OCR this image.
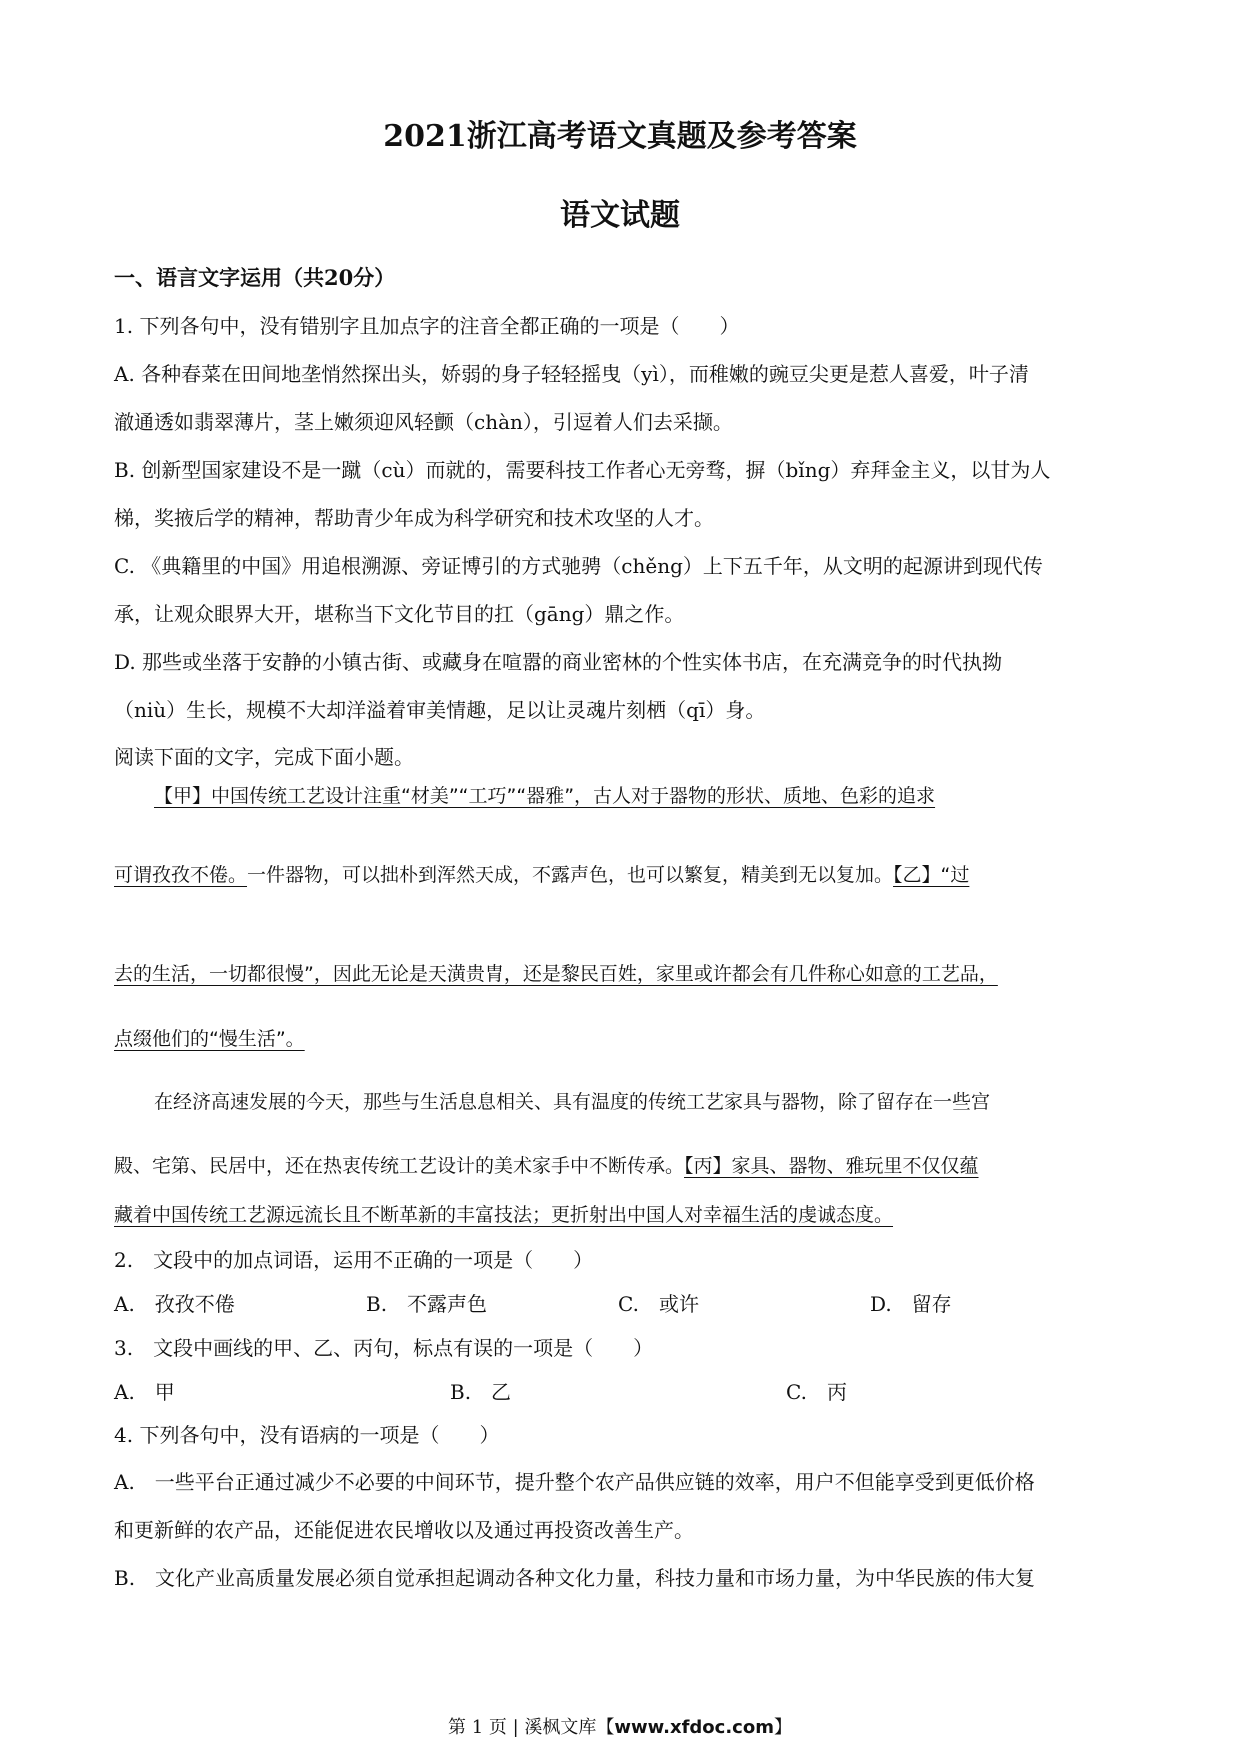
2021浙江高考语文真题及参考答案
语文试题
一、语言文字运用（共20分）
1. 下列各句中，没有错别字且加点字的注音全都正确的一项是（　　）
A. 各种春菜在田间地垄悄然探出头，娇弱的身子轻轻摇曳（yì），而稚嫩的豌豆尖更是惹人喜爱，叶子清
澈通透如翡翠薄片，茎上嫩须迎风轻颤（chàn），引逗着人们去采撷。
B. 创新型国家建设不是一蹴（cù）而就的，需要科技工作者心无旁骛，摒（bǐng）弃拜金主义，以甘为人
梯，奖掖后学的精神，帮助青少年成为科学研究和技术攻坚的人才。
C. 《典籍里的中国》用追根溯源、旁证博引的方式驰骋（chěng）上下五千年，从文明的起源讲到现代传
承，让观众眼界大开，堪称当下文化节目的扛（gāng）鼎之作。
D. 那些或坐落于安静的小镇古街、或藏身在喧嚣的商业密林的个性实体书店，在充满竞争的时代执拗
（niù）生长，规模不大却洋溢着审美情趣，足以让灵魂片刻栖（qī）身。
阅读下面的文字，完成下面小题。
【甲】中国传统工艺设计注重“材美”“工巧”“器雅”，古人对于器物的形状、质地、色彩的追求
可谓孜孜不倦。一件器物，可以拙朴到浑然天成，不露声色，也可以繁复，精美到无以复加。【乙】“过
去的生活，一切都很慢”，因此无论是天潢贵胄，还是黎民百姓，家里或许都会有几件称心如意的工艺品，
点缀他们的“慢生活”。
在经济高速发展的今天，那些与生活息息相关、具有温度的传统工艺家具与器物，除了留存在一些宫
殿、宅第、民居中，还在热衷传统工艺设计的美术家手中不断传承。【丙】家具、器物、雅玩里不仅仅蕴
藏着中国传统工艺源远流长且不断革新的丰富技法；更折射出中国人对幸福生活的虔诚态度。
2.　文段中的加点词语，运用不正确的一项是（　　）
A.　孜孜不倦	B.　不露声色	C.　或许	D.　留存
3.　文段中画线的甲、乙、丙句，标点有误的一项是（　　）
A.　甲	B.　乙	C.　丙
4. 下列各句中，没有语病的一项是（　　）
A.　一些平台正通过减少不必要的中间环节，提升整个农产品供应链的效率，用户不但能享受到更低价格
和更新鲜的农产品，还能促进农民增收以及通过再投资改善生产。
B.　文化产业高质量发展必须自觉承担起调动各种文化力量，科技力量和市场力量，为中华民族的伟大复
第 1 页 | 溪枫文库【www.xfdoc.com】
